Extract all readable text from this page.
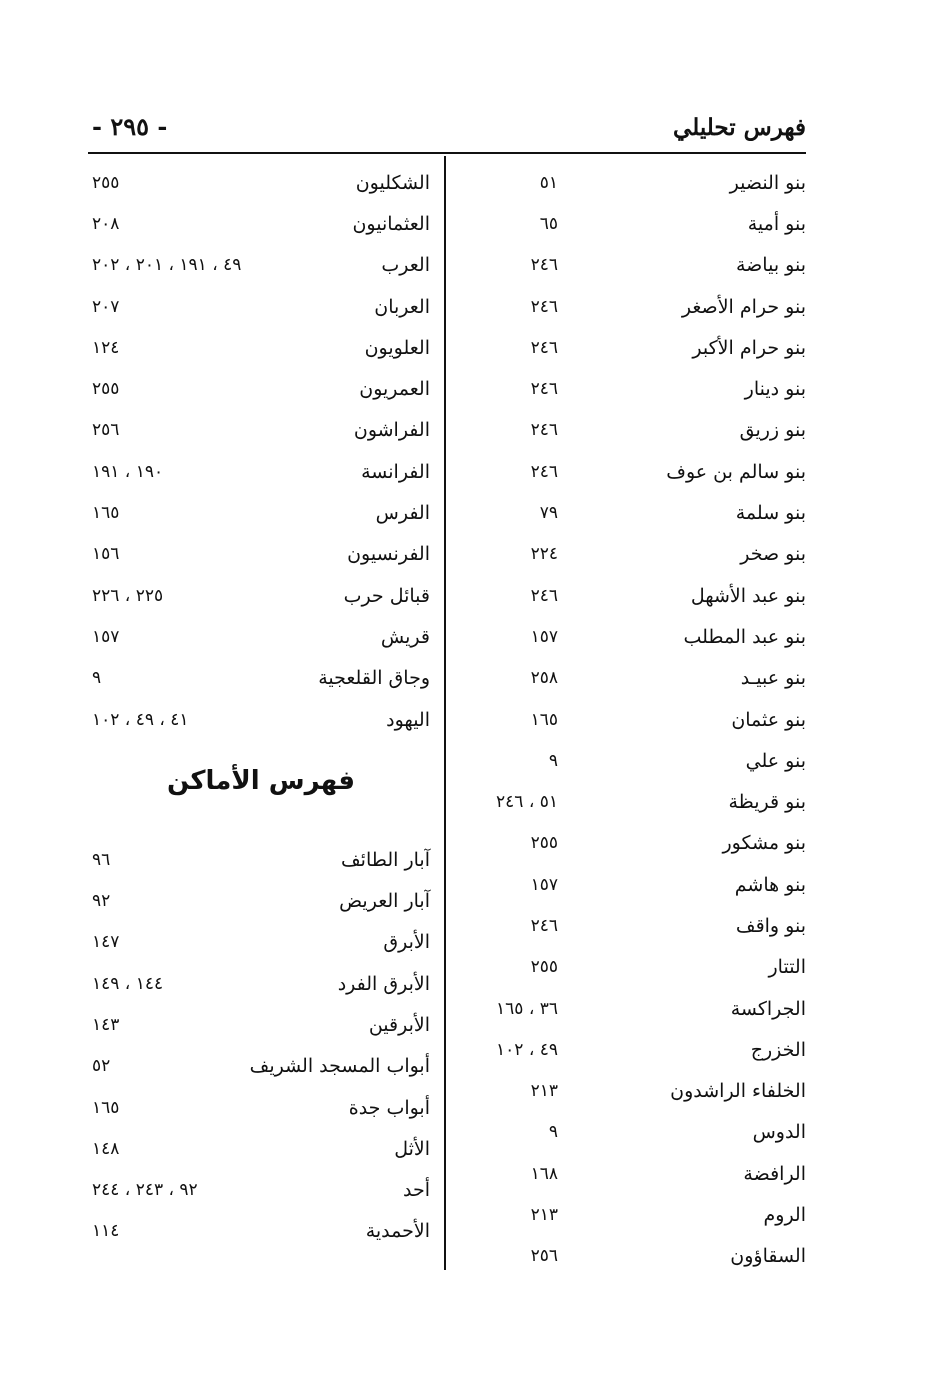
- ٢٩٥ -	فهرس تحليلي
بنو النضير
٥١
بنو أمية
٦٥
بنو بياضة
٢٤٦
بنو حرام الأصغر
٢٤٦
بنو حرام الأكبر
٢٤٦
بنو دينار
٢٤٦
بنو زريق
٢٤٦
بنو سالم بن عوف
٢٤٦
بنو سلمة
٧٩
بنو صخر
٢٢٤
بنو عبد الأشهل
٢٤٦
بنو عبد المطلب
١٥٧
بنو عبيـد
٢٥٨
بنو عثمان
١٦٥
بنو علي
٩
بنو قريظة
٥١ ، ٢٤٦
بنو مشكور
٢٥٥
بنو هاشم
١٥٧
بنو واقف
٢٤٦
التتار
٢٥٥
الجراكسة
٣٦ ، ١٦٥
الخزرج
٤٩ ، ١٠٢
الخلفاء الراشدون
٢١٣
الدوس
٩
الرافضة
١٦٨
الروم
٢١٣
السقاؤون
٢٥٦
الشكليون
٢٥٥
العثمانيون
٢٠٨
العرب
٤٩ ، ١٩١ ، ٢٠١ ، ٢٠٢
العربان
٢٠٧
العلويون
١٢٤
العمريون
٢٥٥
الفراشون
٢٥٦
الفرانسة
١٩٠ ، ١٩١
الفرس
١٦٥
الفرنسيون
١٥٦
قبائل حرب
٢٢٥ ، ٢٢٦
قريش
١٥٧
وجاق القلعجية
٩
اليهود
٤١ ، ٤٩ ، ١٠٢
فهرس الأماكن
آبار الطائف
٩٦
آبار العريض
٩٢
الأبرق
١٤٧
الأبرق الفرد
١٤٤ ، ١٤٩
الأبرقين
١٤٣
أبواب المسجد الشريف
٥٢
أبواب جدة
١٦٥
الأثل
١٤٨
أحد
٩٢ ، ٢٤٣ ، ٢٤٤
الأحمدية
١١٤
